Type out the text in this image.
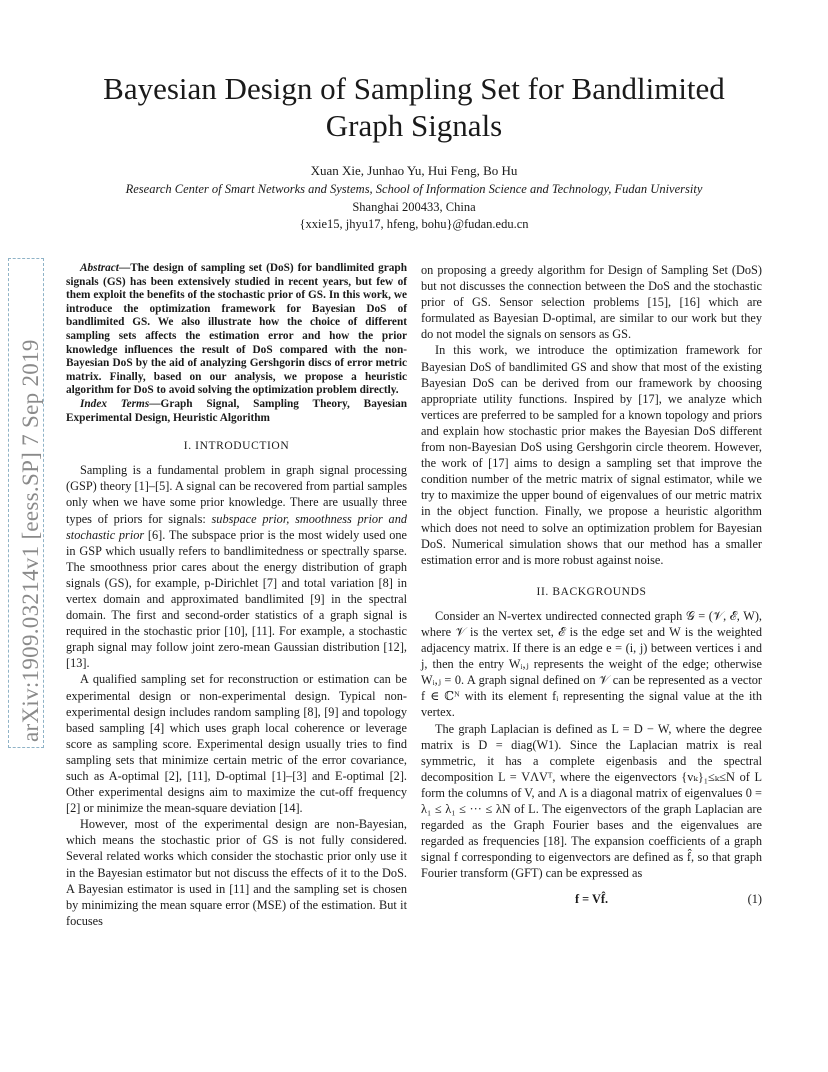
Bayesian Design of Sampling Set for Bandlimited
Graph Signals
Xuan Xie, Junhao Yu, Hui Feng, Bo Hu
Research Center of Smart Networks and Systems, School of Information Science and Technology, Fudan University
Shanghai 200433, China
{xxie15, jhyu17, hfeng, bohu}@fudan.edu.cn
arXiv:1909.03214v1 [eess.SP] 7 Sep 2019

Abstract—The design of sampling set (DoS) for bandlimited graph signals (GS) has been extensively studied in recent years, but few of them exploit the benefits of the stochastic prior of GS. In this work, we introduce the optimization framework for Bayesian DoS of bandlimited GS. We also illustrate how the choice of different sampling sets affects the estimation error and how the prior knowledge influences the result of DoS compared with the non-Bayesian DoS by the aid of analyzing Gershgorin discs of error metric matrix. Finally, based on our analysis, we propose a heuristic algorithm for DoS to avoid solving the optimization problem directly.

Index Terms—Graph Signal, Sampling Theory, Bayesian Experimental Design, Heuristic Algorithm

I. INTRODUCTION

Sampling is a fundamental problem in graph signal processing (GSP) theory [1]–[5]. A signal can be recovered from partial samples only when we have some prior knowledge. There are usually three types of priors for signals: subspace prior, smoothness prior and stochastic prior [6]. The subspace prior is the most widely used one in GSP which usually refers to bandlimitedness or spectrally sparse. The smoothness prior cares about the energy distribution of graph signals (GS), for example, p-Dirichlet [7] and total variation [8] in vertex domain and approximated bandlimited [9] in the spectral domain. The first and second-order statistics of a graph signal is required in the stochastic prior [10], [11]. For example, a stochastic graph signal may follow joint zero-mean Gaussian distribution [12], [13].

A qualified sampling set for reconstruction or estimation can be experimental design or non-experimental design. Typical non-experimental design includes random sampling [8], [9] and topology based sampling [4] which uses graph local coherence or leverage score as sampling score. Experimental design usually tries to find sampling sets that minimize certain metric of the error covariance, such as A-optimal [2], [11], D-optimal [1]–[3] and E-optimal [2]. Other experimental designs aim to maximize the cut-off frequency [2] or minimize the mean-square deviation [14].

However, most of the experimental design are non-Bayesian, which means the stochastic prior of GS is not fully considered. Several related works which consider the stochastic prior only use it in the Bayesian estimator but not discuss the effects of it to the DoS. A Bayesian estimator is used in [11] and the sampling set is chosen by minimizing the mean square error (MSE) of the estimation. But it focuses

on proposing a greedy algorithm for Design of Sampling Set (DoS) but not discusses the connection between the DoS and the stochastic prior of GS. Sensor selection problems [15], [16] which are formulated as Bayesian D-optimal, are similar to our work but they do not model the signals on sensors as GS.

In this work, we introduce the optimization framework for Bayesian DoS of bandlimited GS and show that most of the existing Bayesian DoS can be derived from our framework by choosing appropriate utility functions. Inspired by [17], we analyze which vertices are preferred to be sampled for a known topology and priors and explain how stochastic prior makes the Bayesian DoS different from non-Bayesian DoS using Gershgorin circle theorem. However, the work of [17] aims to design a sampling set that improve the condition number of the metric matrix of signal estimator, while we try to maximize the upper bound of eigenvalues of our metric matrix in the object function. Finally, we propose a heuristic algorithm which does not need to solve an optimization problem for Bayesian DoS. Numerical simulation shows that our method has a smaller estimation error and is more robust against noise.

II. BACKGROUNDS

Consider an N-vertex undirected connected graph 𝒢 = (𝒱, ℰ, W), where 𝒱 is the vertex set, ℰ is the edge set and W is the weighted adjacency matrix. If there is an edge e = (i, j) between vertices i and j, then the entry Wᵢ,ⱼ represents the weight of the edge; otherwise Wᵢ,ⱼ = 0. A graph signal defined on 𝒱 can be represented as a vector f ∈ ℂᴺ with its element fᵢ representing the signal value at the ith vertex.

The graph Laplacian is defined as L = D − W, where the degree matrix is D = diag(W1). Since the Laplacian matrix is real symmetric, it has a complete eigenbasis and the spectral decomposition L = VΛVᵀ, where the eigenvectors {vₖ}₁≤ₖ≤N of L form the columns of V, and Λ is a diagonal matrix of eigenvalues 0 = λ₁ ≤ λ₁ ≤ ··· ≤ λN of L. The eigenvectors of the graph Laplacian are regarded as the Graph Fourier bases and the eigenvalues are regarded as frequencies [18]. The expansion coefficients of a graph signal f corresponding to eigenvectors are defined as f̂, so that graph Fourier transform (GFT) can be expressed as

f = Vf̂.	(1)
